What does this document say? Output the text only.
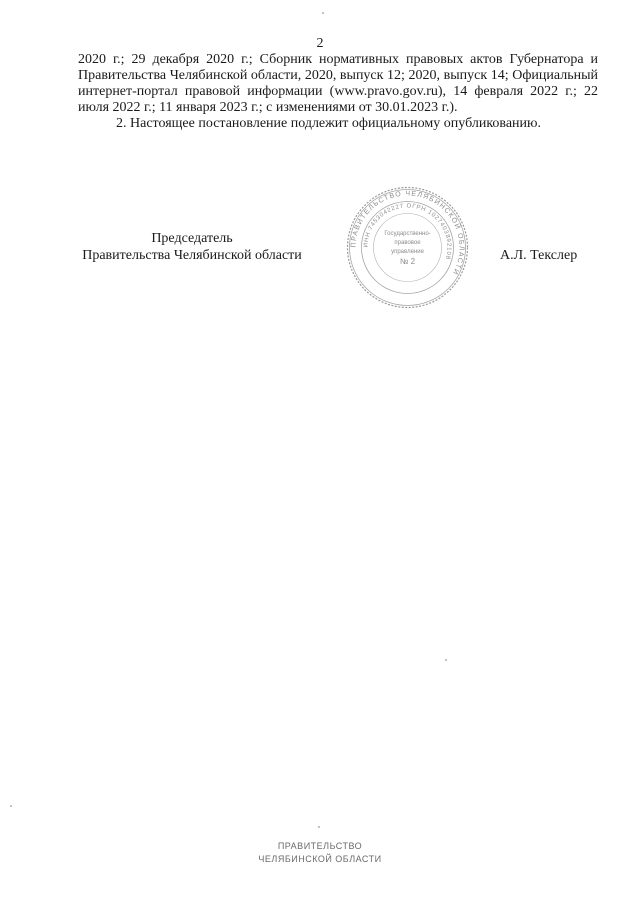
2

2020 г.; 29 декабря 2020 г.; Сборник нормативных правовых актов Губернатора и Правительства Челябинской области, 2020, выпуск 12; 2020, выпуск 14; Официальный интернет-портал правовой информации (www.pravo.gov.ru), 14 февраля 2022 г.; 22 июля 2022 г.; 11 января 2023 г.; с изменениями от 30.01.2023 г.).

2. Настоящее постановление подлежит официальному опубликованию.

Председатель
Правительства Челябинской области
ПРАВИТЕЛЬСТВО ЧЕЛЯБИНСКОЙ ОБЛАСТИ
ИНН 7453042227 ОГРН 1027403892108
Государственно-
правовое
управление
№ 2	А.Л. Текслер
ПРАВИТЕЛЬСТВО
ЧЕЛЯБИНСКОЙ ОБЛАСТИ
